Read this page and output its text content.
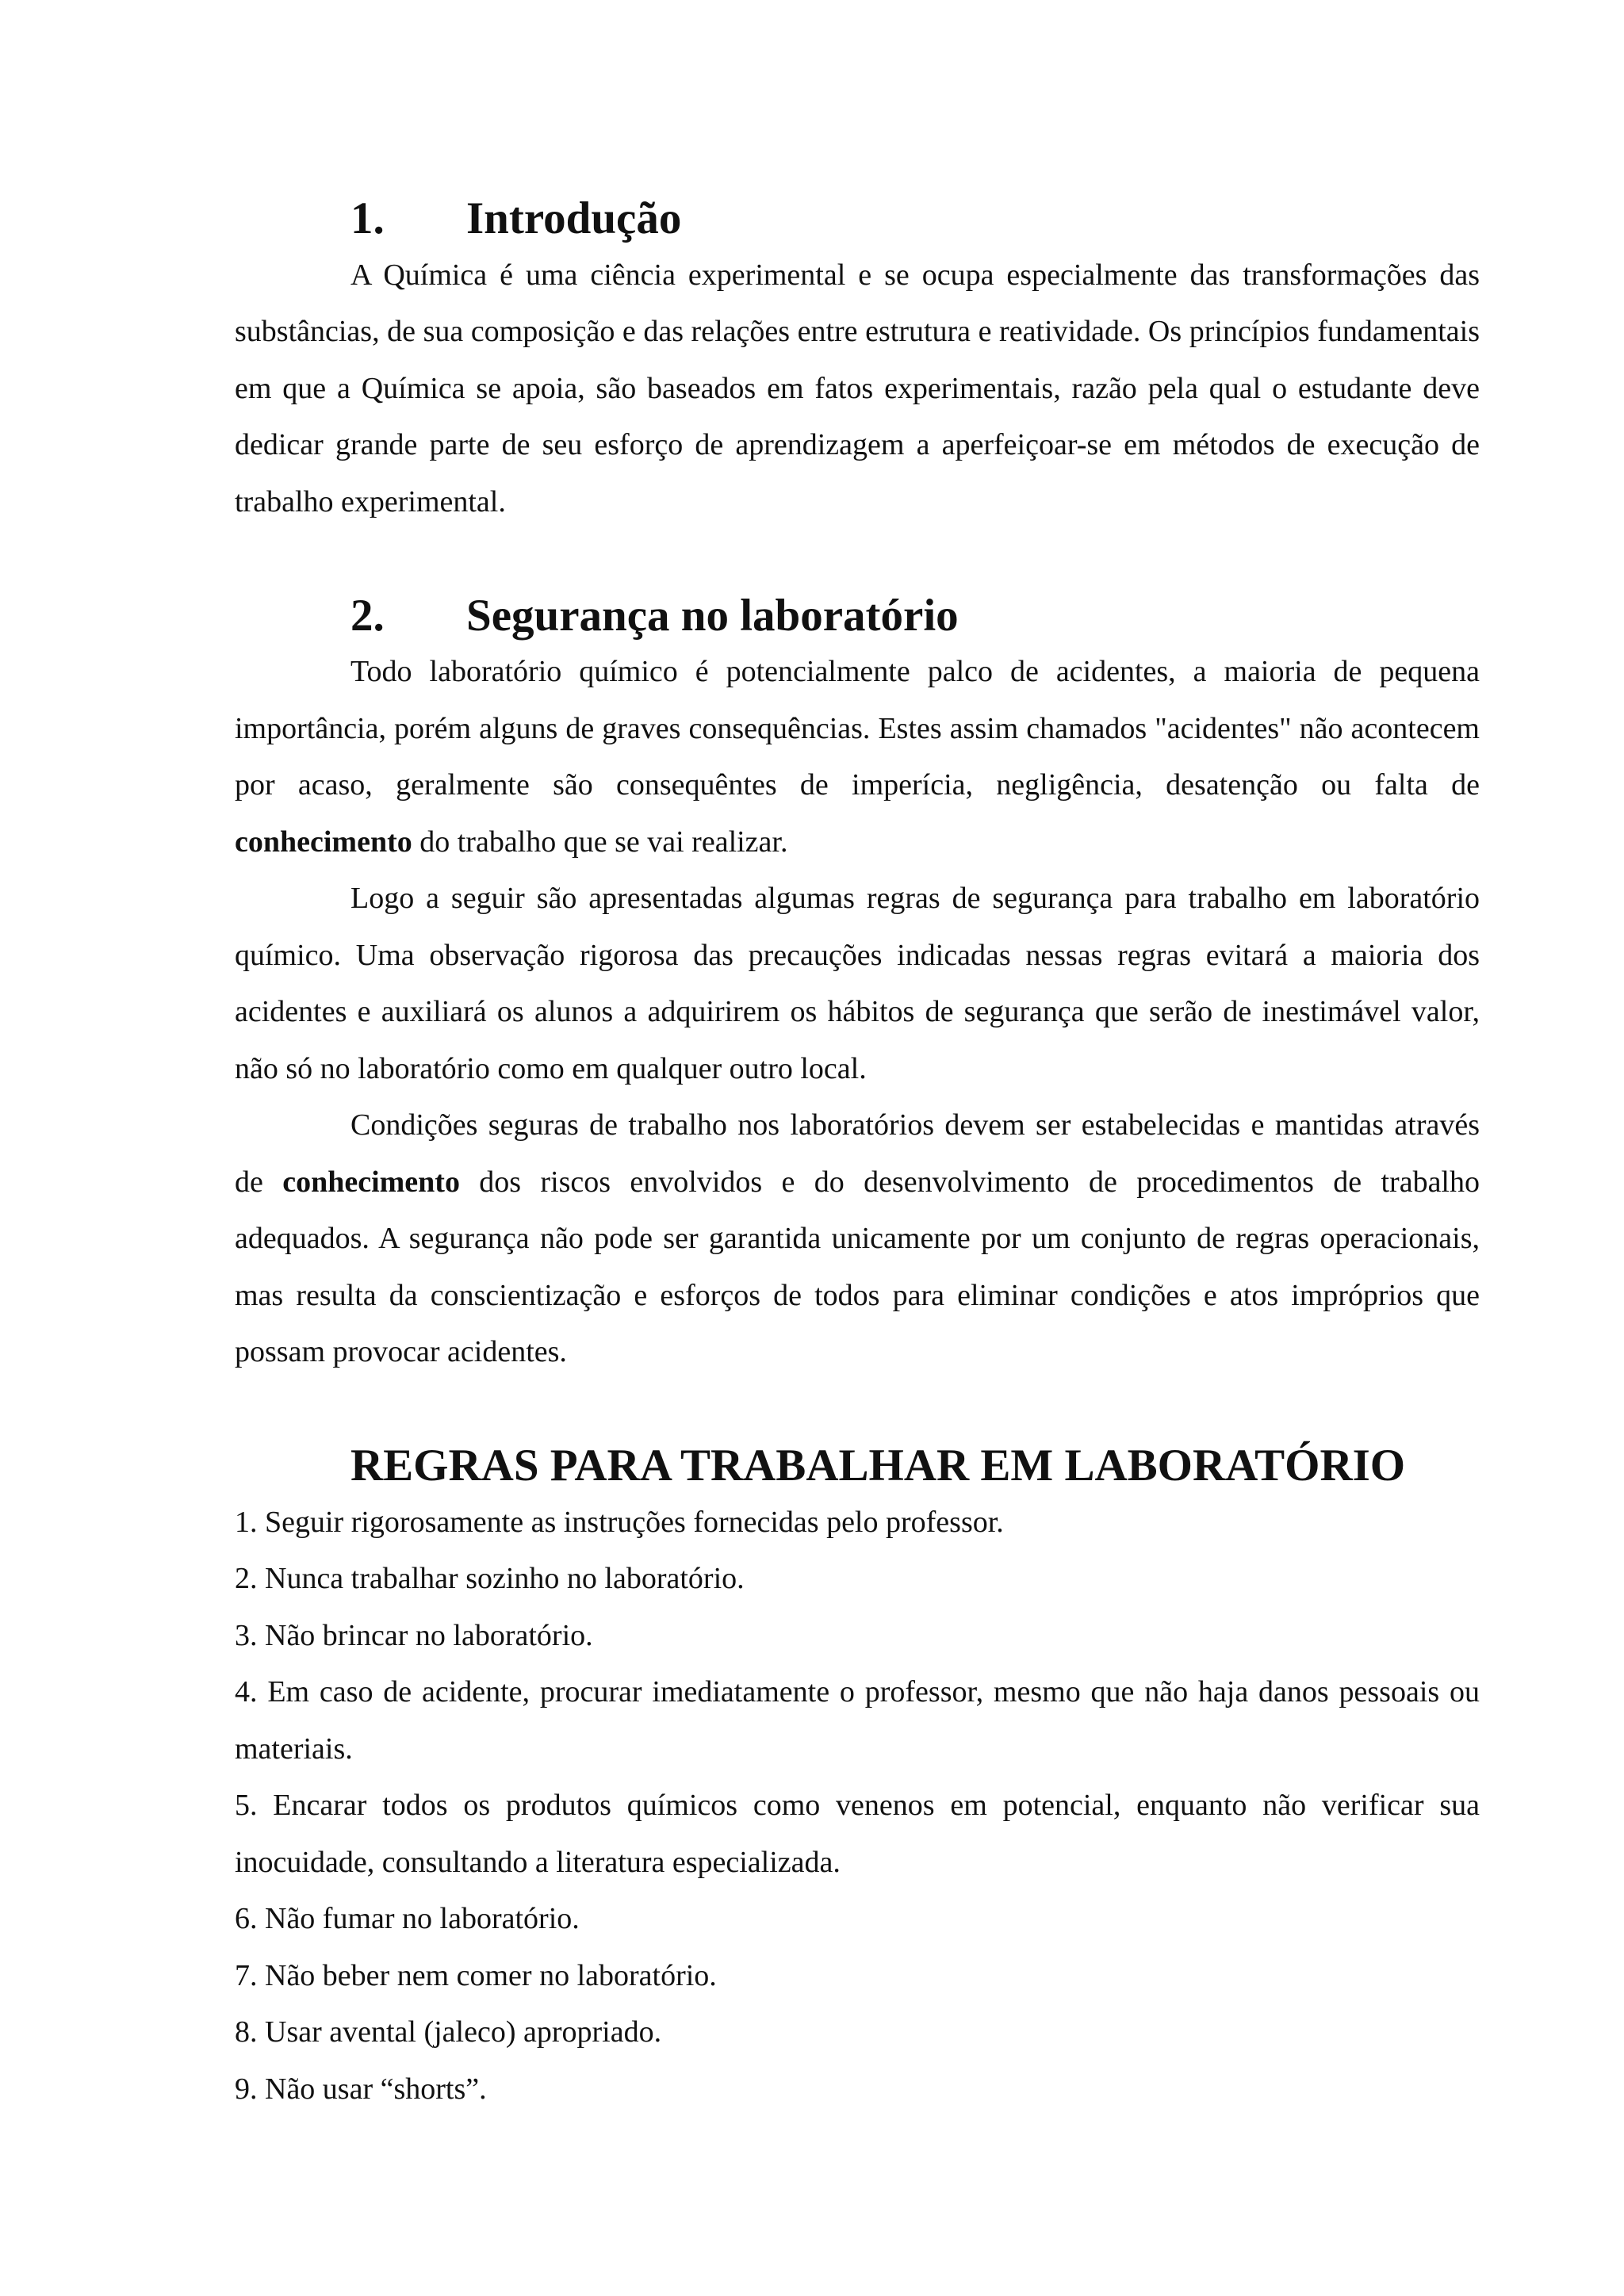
1. Introdução

A Química é uma ciência experimental e se ocupa especialmente das transformações das substâncias, de sua composição e das relações entre estrutura e reatividade. Os princípios fundamentais em que a Química se apoia, são baseados em fatos experimentais, razão pela qual o estudante deve dedicar grande parte de seu esforço de aprendizagem a aperfeiçoar-se em métodos de execução de trabalho experimental.

2. Segurança no laboratório

Todo laboratório químico é potencialmente palco de acidentes, a maioria de pequena importância, porém alguns de graves consequências. Estes assim chamados "acidentes" não acontecem por acaso, geralmente são consequêntes de imperícia, negligência, desatenção ou falta de conhecimento do trabalho que se vai realizar.

Logo a seguir são apresentadas algumas regras de segurança para trabalho em laboratório químico. Uma observação rigorosa das precauções indicadas nessas regras evitará a maioria dos acidentes e auxiliará os alunos a adquirirem os hábitos de segurança que serão de inestimável valor, não só no laboratório como em qualquer outro local.

Condições seguras de trabalho nos laboratórios devem ser estabelecidas e mantidas através de conhecimento dos riscos envolvidos e do desenvolvimento de procedimentos de trabalho adequados. A segurança não pode ser garantida unicamente por um conjunto de regras operacionais, mas resulta da conscientização e esforços de todos para eliminar condições e atos impróprios que possam provocar acidentes.

REGRAS PARA TRABALHAR EM LABORATÓRIO

1. Seguir rigorosamente as instruções fornecidas pelo professor.

2. Nunca trabalhar sozinho no laboratório.

3. Não brincar no laboratório.

4. Em caso de acidente, procurar imediatamente o professor, mesmo que não haja danos pessoais ou materiais.

5. Encarar todos os produtos químicos como venenos em potencial, enquanto não verificar sua inocuidade, consultando a literatura especializada.

6. Não fumar no laboratório.

7. Não beber nem comer no laboratório.

8. Usar avental (jaleco) apropriado.

9. Não usar “shorts”.
